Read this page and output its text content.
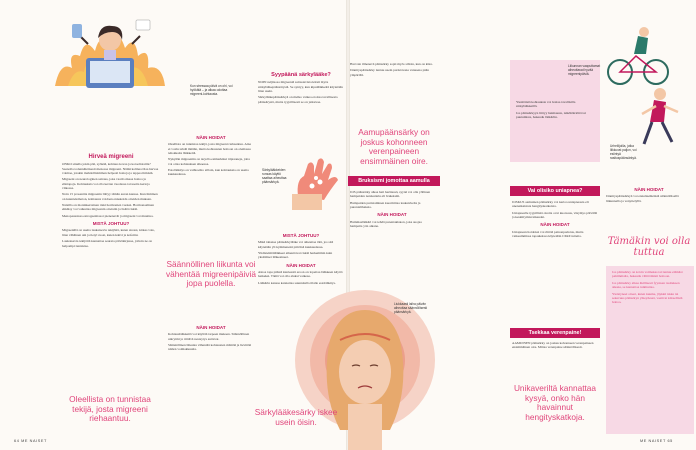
Kun stressaa päivä on ohi, voi hyökätä – ja alkaa odottaa migreeni-kohtausta.
Hirveä migreeni

ONKO sinulla jokin pää, syökää, kohtaus kovaa ja kotoolistatila? Saanolla todennäköisesti menossa migreeni. Nämä kolmea tilaa harvaa voimaa, jotakin mahdollisimman helposti hoitoja ja tappaa ihmisiä.

Migreeni on neurologinen sairaus, joka vaatii oikeaa hoitoa ja elintapoja. Kohtauksia voi olla kerran vuodessa tai useita kertoja viikossa.

Noin 15 prosenttia migreenin liittyy tämän auran kanssa. Kun ihminen on kuuntelematon, kohtausta voidaan ennakoida oireiden mukaan.

Naisilla on moninkertainen riski hormonien vuoksi. Hormonaalinen ehkäisy voi vaikuttaa migreenin oireisiin ja lisätä riskiä.

Menopaussissa estrogeenitasot pienenevät ja migreeni voi muuttua.

MISTÄ JOHTUU?

Migreenillä on useita laukaisevia tekijöitä, kuten stressi, kirkas valo, liian vähäinen uni ja tietyt ruoat, kuten kahvi ja kofeiini.

Laukaisevia tekijöitä kannattaa seurata päiväkirjassa, jolloin ne on helpompi tunnistaa.

Oleellista on tunnistaa tekijä, josta migreeni riehaantuu.
NÄIN HOIDAT

Oleellista on tunnistaa tekijä, josta migreeni riehaantuu. Aina ei voida tehdä mitään, mutta kohtausten hoitoon on olemassa tehokkaita lääkkeitä.

Nykyään migreeniin on tarjolla esimerkiksi triptaaneja, joita voi ottaa kohtauksen alkaessa.

Estolääkitys on vaihtoehto silloin, kun kohtauksia on useita kuukaudessa.

Säännöllinen liikunta voi vähentää migreenipäiviä jopa puolella.
NÄIN HOIDAT

Kohtauslääkkeitä voi käyttää tarpeen mukaan. Säännöllinen unirytmi ja riittävä nesteytys auttavat.

Säännöllinen liikunta vähentää kohtausten määrää ja lievittää niiden voimakkuutta.

Syypäänä särkylääke?

NOIN neljäsosa migreeniä sairastavista kärsii myös särkylääkepäänsärystä. Se syntyy, kun kipulääkkeitä käytetään liian usein.

Särkylääkepäänsärkyä on melko vaikea erottaa tavallisesta päänsärystä, mutta tyypillisesti se on jatkuvaa.

Särkylääkkeiden runsas käyttö saattaa aiheuttaa päänsärkyä.
MISTÄ JOHTUU?

Mikä tahansa päänsärkylääke voi aiheuttaa tätä, jos sitä käytetään yli kymmenenä päivänä kuukaudessa.

Yhdistelmälääkkeet aiheuttavat riskiä herkemmin kuin yksittäiset lääkeaineet.

NÄIN HOIDAT

Ainoa tapa päästä kierteestä eroon on lopettaa lääkkeen käyttö hetkeksi. Tämä voi olla aluksi vaikeaa.

Lääkärin kanssa kannattaa suunnitella tilalle estolääkitys.

64 ME NAISET

Harvoin ilmenevä päänsärky sopii myös silloin, kun on kiire.

Jännityspäänsärky tuntuu usein puristavana vanteena pään ympärillä.

Aamupäänsärky on joskus kohonneen verenpaineen ensimmäinen oire.
Bruksismi jomottaa aamulla

JOS päänsärky alkaa heti herätessä, syynä voi olla yöllinen hampaiden narskuttelu eli bruksismi.

Hampaiden puristaminen kuormittaa leukanivelta ja purentalihaksia.

NÄIN HOIDAT

Hammaslääkäri voi tehdä purentakiskon, joka suojaa hampaita yön aikana.

Liukkaasti laiha päivän aiheuttaa säännöllisesti päänsärkyä.
Särkylääkesärky iskee usein öisin.

Yksittäisiä kohtauksia voi hoitaa tavallisilla särkylääkkeillä.

Jos päänsärkyyn liittyy huimausta, näköhäiriöitä tai puutumista, hakeudu lääkäriin.

Liikunnan vaaputtamat aiheuttavat hyvää migreenipäiviä.
Vai olisiko uniapnea?

JOSKUS aamuinen päänsärky voi kertoa uniapneasta eli unenaikaisista hengityskatkoista.

Uniapnealle tyypillisiä oireita ovat kuorsaus, väsymys päivällä ja keskittymisvaikeudet.

NÄIN HOIDAT

Uniapnean hoidoksi voi riittää painonpudotus, mutta vaikeammissa tapauksissa käytetään CPAP-laitetta.

Tsekkaa verenpaine!

AAMUINEN päänsärky on joskus kohonneen verenpaineen ensimmäinen oire. Mittaa verenpaine säännöllisesti.

Unikaveriltä kannattaa kysyä, onko hän havainnut hengityskatkoja.
Urheilijoilla, jotka liikkuvat paljon, voi esiintyä rasituspäänsärkyä.
NÄIN HOIDAT

Jännityspäänsärkyä voi ennaltaehkäistä säännöllisellä liikunnalla ja venyttelyllä.

Tämäkin voi olla tuttua

Jos päänsärky on kovin voimakas tai tuntuu elämäsi pahimmalta, hakeudu välittömästi hoitoon.

Jos päänsärky alkaa äkillisesti fyysisen rasituksen aikana, se kannattaa tutkituttaa.

Yleistyneet oireet, kuten kuume, jäykkä niska tai sekavuus päänsäryn yhteydessä, vaativat kiireellistä hoitoa.

ME NAISET 65
